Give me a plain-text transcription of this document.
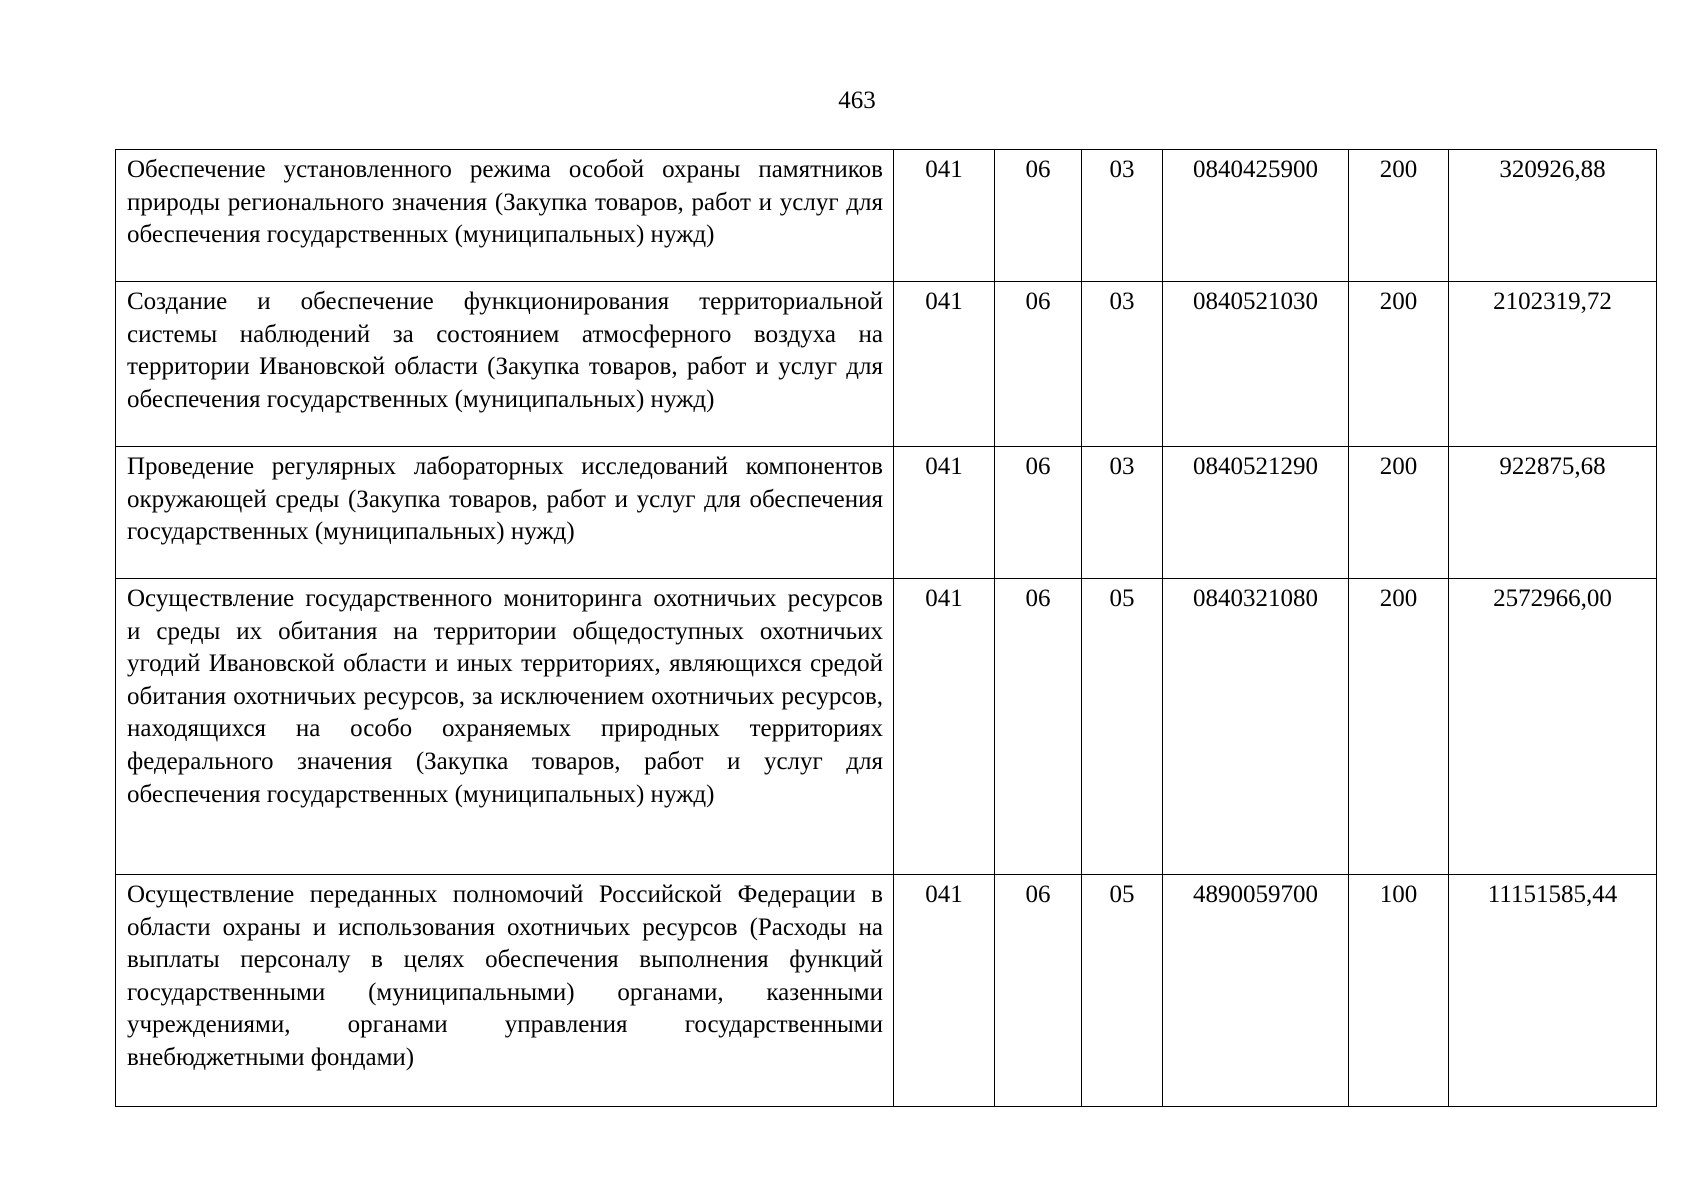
463
Обеспечение установленного режима особой охраны памятников природы регионального значения (Закупка товаров, работ и услуг для обеспечения государственных (муниципальных) нужд)	041	06	03	0840425900	200	320926,88
Создание и обеспечение функционирования территориальной системы наблюдений за состоянием атмосферного воздуха на территории Ивановской области (Закупка товаров, работ и услуг для обеспечения государственных (муниципальных) нужд)	041	06	03	0840521030	200	2102319,72
Проведение регулярных лабораторных исследований компонентов окружающей среды (Закупка товаров, работ и услуг для обеспечения государственных (муниципальных) нужд)	041	06	03	0840521290	200	922875,68
Осуществление государственного мониторинга охотничьих ресурсов и среды их обитания на территории общедоступных охотничьих угодий Ивановской области и иных территориях, являющихся средой обитания охотничьих ресурсов, за исключением охотничьих ресурсов, находящихся на особо охраняемых природных территориях федерального значения (Закупка товаров, работ и услуг для обеспечения государственных (муниципальных) нужд)	041	06	05	0840321080	200	2572966,00
Осуществление переданных полномочий Российской Федерации в области охраны и использования охотничьих ресурсов (Расходы на выплаты персоналу в целях обеспечения выполнения функций государственными (муниципальными) органами, казенными учреждениями, органами управления государственными внебюджетными фондами)	041	06	05	4890059700	100	11151585,44
